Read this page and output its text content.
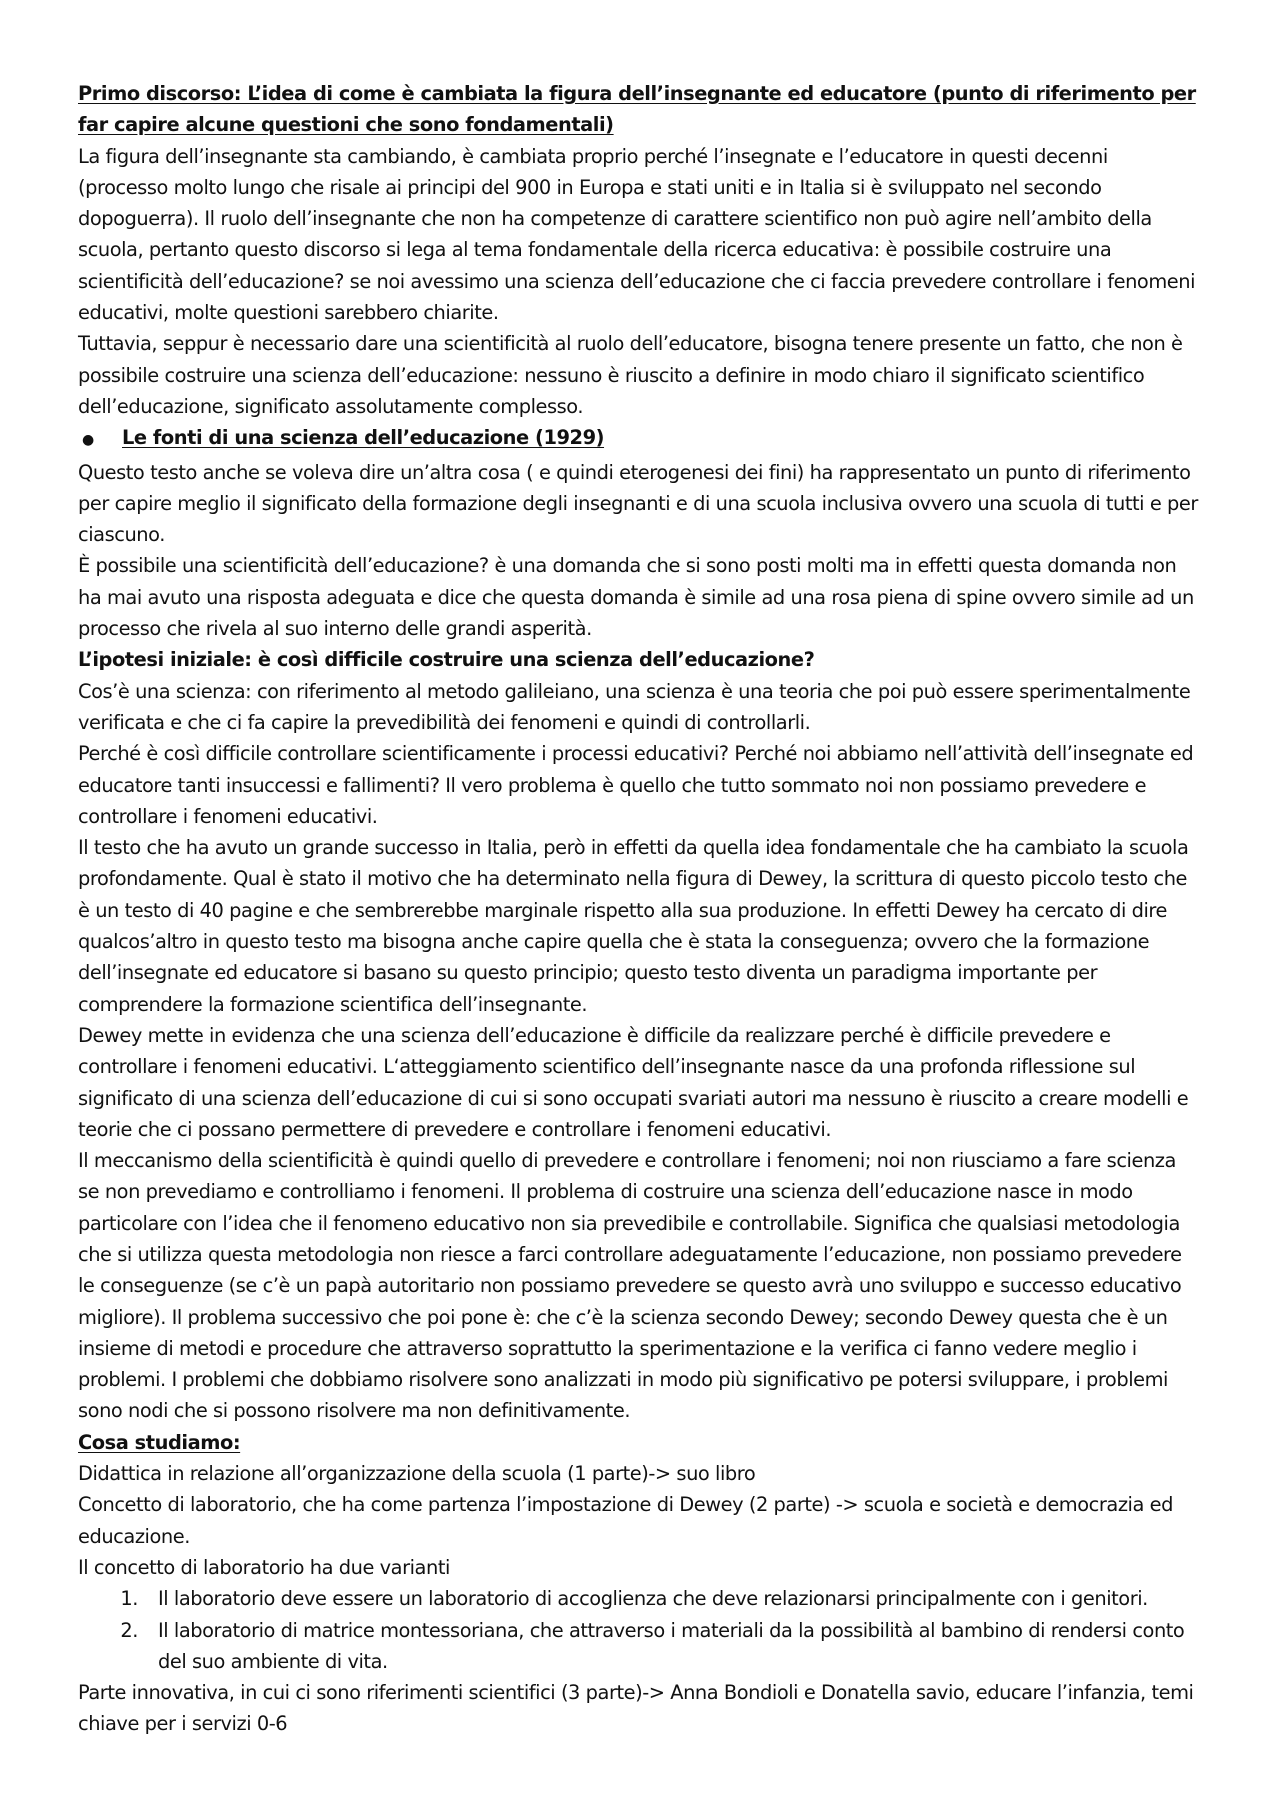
Primo discorso: L’idea di come è cambiata la figura dell’insegnante ed educatore (punto di riferimento per far capire alcune questioni che sono fondamentali)

La figura dell’insegnante sta cambiando, è cambiata proprio perché l’insegnate e l’educatore in questi decenni (processo molto lungo che risale ai principi del 900 in Europa e stati uniti e in Italia si è sviluppato nel secondo dopoguerra). Il ruolo dell’insegnante che non ha competenze di carattere scientifico non può agire nell’ambito della scuola, pertanto questo discorso si lega al tema fondamentale della ricerca educativa: è possibile costruire una scientificità dell’educazione? se noi avessimo una scienza dell’educazione che ci faccia prevedere controllare i fenomeni educativi, molte questioni sarebbero chiarite.

Tuttavia, seppur è necessario dare una scientificità al ruolo dell’educatore, bisogna tenere presente un fatto, che non è possibile costruire una scienza dell’educazione: nessuno è riuscito a definire in modo chiaro il significato scientifico dell’educazione, significato assolutamente complesso.

●	Le fonti di una scienza dell’educazione (1929)

Questo testo anche se voleva dire un’altra cosa ( e quindi eterogenesi dei fini) ha rappresentato un punto di riferimento per capire meglio il significato della formazione degli insegnanti e di una scuola inclusiva ovvero una scuola di tutti e per ciascuno.

È possibile una scientificità dell’educazione? è una domanda che si sono posti molti ma in effetti questa domanda non ha mai avuto una risposta adeguata e dice che questa domanda è simile ad una rosa piena di spine ovvero simile ad un processo che rivela al suo interno delle grandi asperità.

L’ipotesi iniziale: è così difficile costruire una scienza dell’educazione?

Cos’è una scienza: con riferimento al metodo galileiano, una scienza è una teoria che poi può essere sperimentalmente verificata e che ci fa capire la prevedibilità dei fenomeni e quindi di controllarli.

Perché è così difficile controllare scientificamente i processi educativi? Perché noi abbiamo nell’attività dell’insegnate ed educatore tanti insuccessi e fallimenti? Il vero problema è quello che tutto sommato noi non possiamo prevedere e controllare i fenomeni educativi.

Il testo che ha avuto un grande successo in Italia, però in effetti da quella idea fondamentale che ha cambiato la scuola profondamente. Qual è stato il motivo che ha determinato nella figura di Dewey, la scrittura di questo piccolo testo che è un testo di 40 pagine e che sembrerebbe marginale rispetto alla sua produzione. In effetti Dewey ha cercato di dire qualcos’altro in questo testo ma bisogna anche capire quella che è stata la conseguenza; ovvero che la formazione dell’insegnate ed educatore si basano su questo principio; questo testo diventa un paradigma importante per comprendere la formazione scientifica dell’insegnante.

Dewey mette in evidenza che una scienza dell’educazione è difficile da realizzare perché è difficile prevedere e controllare i fenomeni educativi. L‘atteggiamento scientifico dell’insegnante nasce da una profonda riflessione sul significato di una scienza dell’educazione di cui si sono occupati svariati autori ma nessuno è riuscito a creare modelli e teorie che ci possano permettere di prevedere e controllare i fenomeni educativi.

Il meccanismo della scientificità è quindi quello di prevedere e controllare i fenomeni; noi non riusciamo a fare scienza se non prevediamo e controlliamo i fenomeni. Il problema di costruire una scienza dell’educazione nasce in modo particolare con l’idea che il fenomeno educativo non sia prevedibile e controllabile. Significa che qualsiasi metodologia che si utilizza questa metodologia non riesce a farci controllare adeguatamente l’educazione, non possiamo prevedere le conseguenze (se c’è un papà autoritario non possiamo prevedere se questo avrà uno sviluppo e successo educativo migliore). Il problema successivo che poi pone è: che c’è la scienza secondo Dewey; secondo Dewey questa che è un insieme di metodi e procedure che attraverso soprattutto la sperimentazione e la verifica ci fanno vedere meglio i problemi. I problemi che dobbiamo risolvere sono analizzati in modo più significativo pe potersi sviluppare, i problemi sono nodi che si possono risolvere ma non definitivamente.

Cosa studiamo:

Didattica in relazione all’organizzazione della scuola (1 parte)-> suo libro

Concetto di laboratorio, che ha come partenza l’impostazione di Dewey (2 parte) -> scuola e società e democrazia ed educazione.

Il concetto di laboratorio ha due varianti

1.	Il laboratorio deve essere un laboratorio di accoglienza che deve relazionarsi principalmente con i genitori.
2.	Il laboratorio di matrice montessoriana, che attraverso i materiali da la possibilità al bambino di rendersi conto del suo ambiente di vita.

Parte innovativa, in cui ci sono riferimenti scientifici (3 parte)-> Anna Bondioli e Donatella savio, educare l’infanzia, temi chiave per i servizi 0-6
